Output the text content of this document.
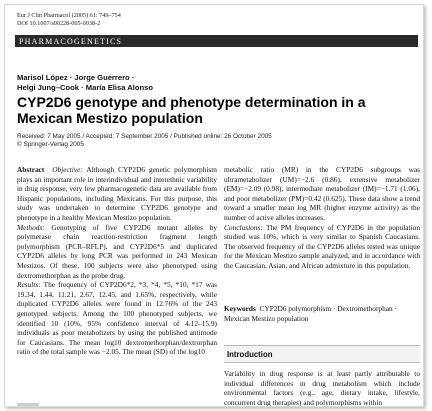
Eur J Clin Pharmacol (2005) 61: 749–754
DOI 10.1007/s00228-005-0038-2
PHARMACOGENETICS
Marisol López · Jorge Guerrero ·
Helgi Jung–Cook · María Elisa Alonso
CYP2D6 genotype and phenotype determination in a Mexican Mestizo population
Received: 7 May 2005 / Accepted: 7 September 2005 / Published online: 26 October 2005
© Springer-Verlag 2005

Abstract Objective: Although CYP2D6 genetic polymorphism plays an important role in interindividual and interethnic variability in drug response, very few pharmacogenetic data are available from Hispanic populations, including Mexicans. For this purpose, this study was undertaken to determine CYP2D6 genotype and phenotype in a healthy Mexican Mestizo population.

Methods: Genotyping of five CYP2D6 mutant alleles by polymerase chain reaction-restriction fragment length polymorphism (PCR–RFLP), and CYP2D6*5 and duplicated CYP2D6 alleles by long PCR was performed in 243 Mexican Mestizos. Of these, 100 subjects were also phenotyped using dextromethorphan as the probe drug.

Results: The frequency of CYP2D6*2, *3, *4, *5, *10, *17 was 19.34, 1.44, 11.21, 2.67, 12.45, and 1.65%, respectively, while duplicated CYP2D6 alleles were found in 12.76% of the 243 genotyped subjects. Among the 100 phenotyped subjects, we identified 10 (10%, 95% confidence interval of 4.12–15.9) individuals as poor metabolizers by using the published antimode for Caucasians. The mean log10 dextromethorphan/dextrorphan ratio of the total sample was −2.05. The mean (SD) of the log10

metabolic ratio (MR) in the CYP2D6 subgroups was ultrametabolizer (UM)=−2.6 (0.86), extensive metabolizer (EM)=−2.09 (0.98), intermediate metabolizer (IM)=−1.71 (1.06), and poor metabolizer (PM)=0.42 (0.625). These data show a trend toward a smaller mean log MR (higher enzyme activity) as the number of active alleles increases.

Conclusions: The PM frequency of CYP2D6 in the population studied was 10%, which is very similar to Spanish Caucasians. The observed frequency of the CYP2D6 alleles tested was unique for the Mexican Mestizo sample analyzed, and in accordance with the Caucasian, Asian, and African admixture in this population.

Keywords CYP2D6 polymorphism · Dextromethorphan · Mexican Mestizo population
Introduction
Variability in drug response is at least partly attributable to individual differences in drug metabolism which include environmental factors (e.g., age, dietary intake, lifestyle, concurrent drug therapies) and polymorphisms within
